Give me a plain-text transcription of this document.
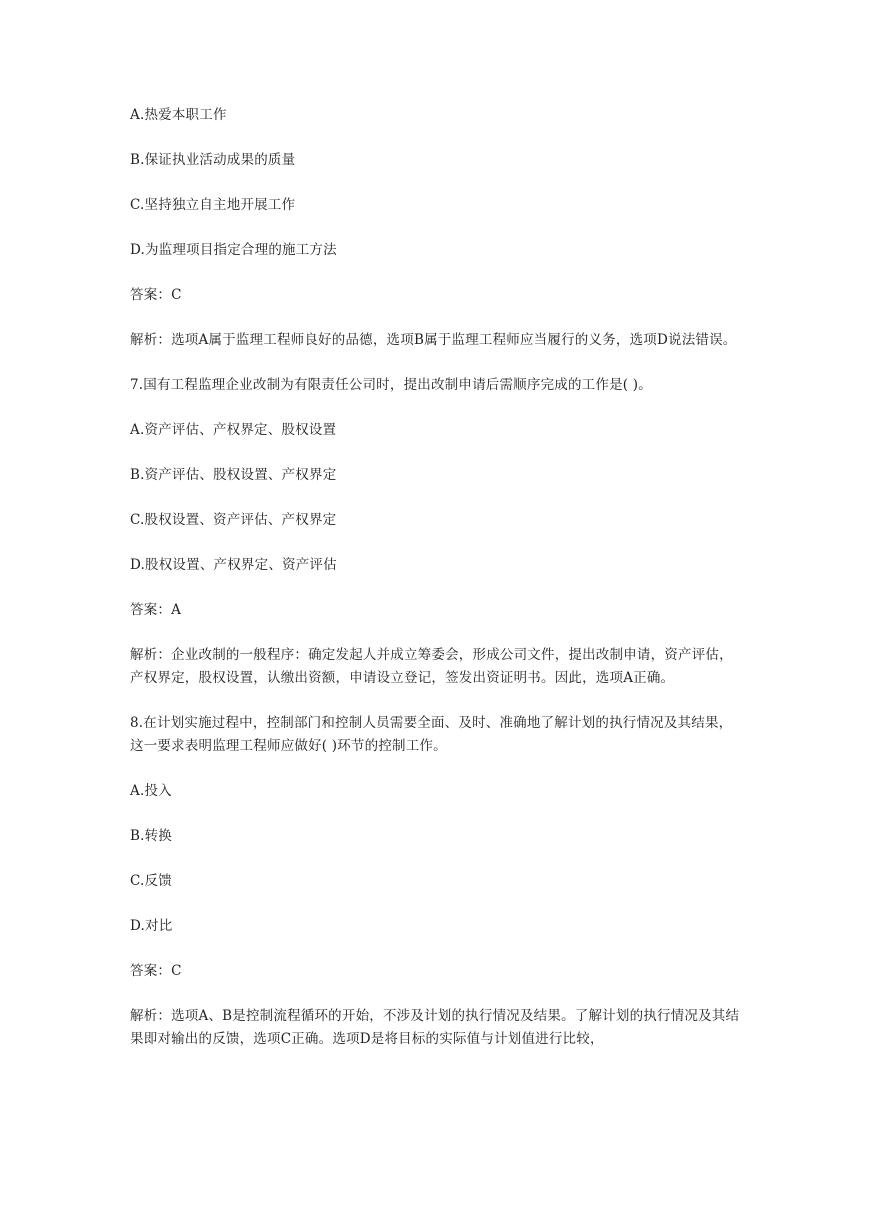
A.热爱本职工作

B.保证执业活动成果的质量

C.坚持独立自主地开展工作

D.为监理项目指定合理的施工方法

答案：C

解析：选项A属于监理工程师良好的品德，选项B属于监理工程师应当履行的义务，选项D说法错误。

7.国有工程监理企业改制为有限责任公司时，提出改制申请后需顺序完成的工作是( )。

A.资产评估、产权界定、股权设置

B.资产评估、股权设置、产权界定

C.股权设置、资产评估、产权界定

D.股权设置、产权界定、资产评估

答案：A

解析：企业改制的一般程序：确定发起人并成立筹委会，形成公司文件，提出改制申请，资产评估，产权界定，股权设置，认缴出资额，申请设立登记，签发出资证明书。因此，选项A正确。

8.在计划实施过程中，控制部门和控制人员需要全面、及时、准确地了解计划的执行情况及其结果，这一要求表明监理工程师应做好( )环节的控制工作。

A.投入

B.转换

C.反馈

D.对比

答案：C

解析：选项A、B是控制流程循环的开始，不涉及计划的执行情况及结果。了解计划的执行情况及其结果即对输出的反馈，选项C正确。选项D是将目标的实际值与计划值进行比较，
